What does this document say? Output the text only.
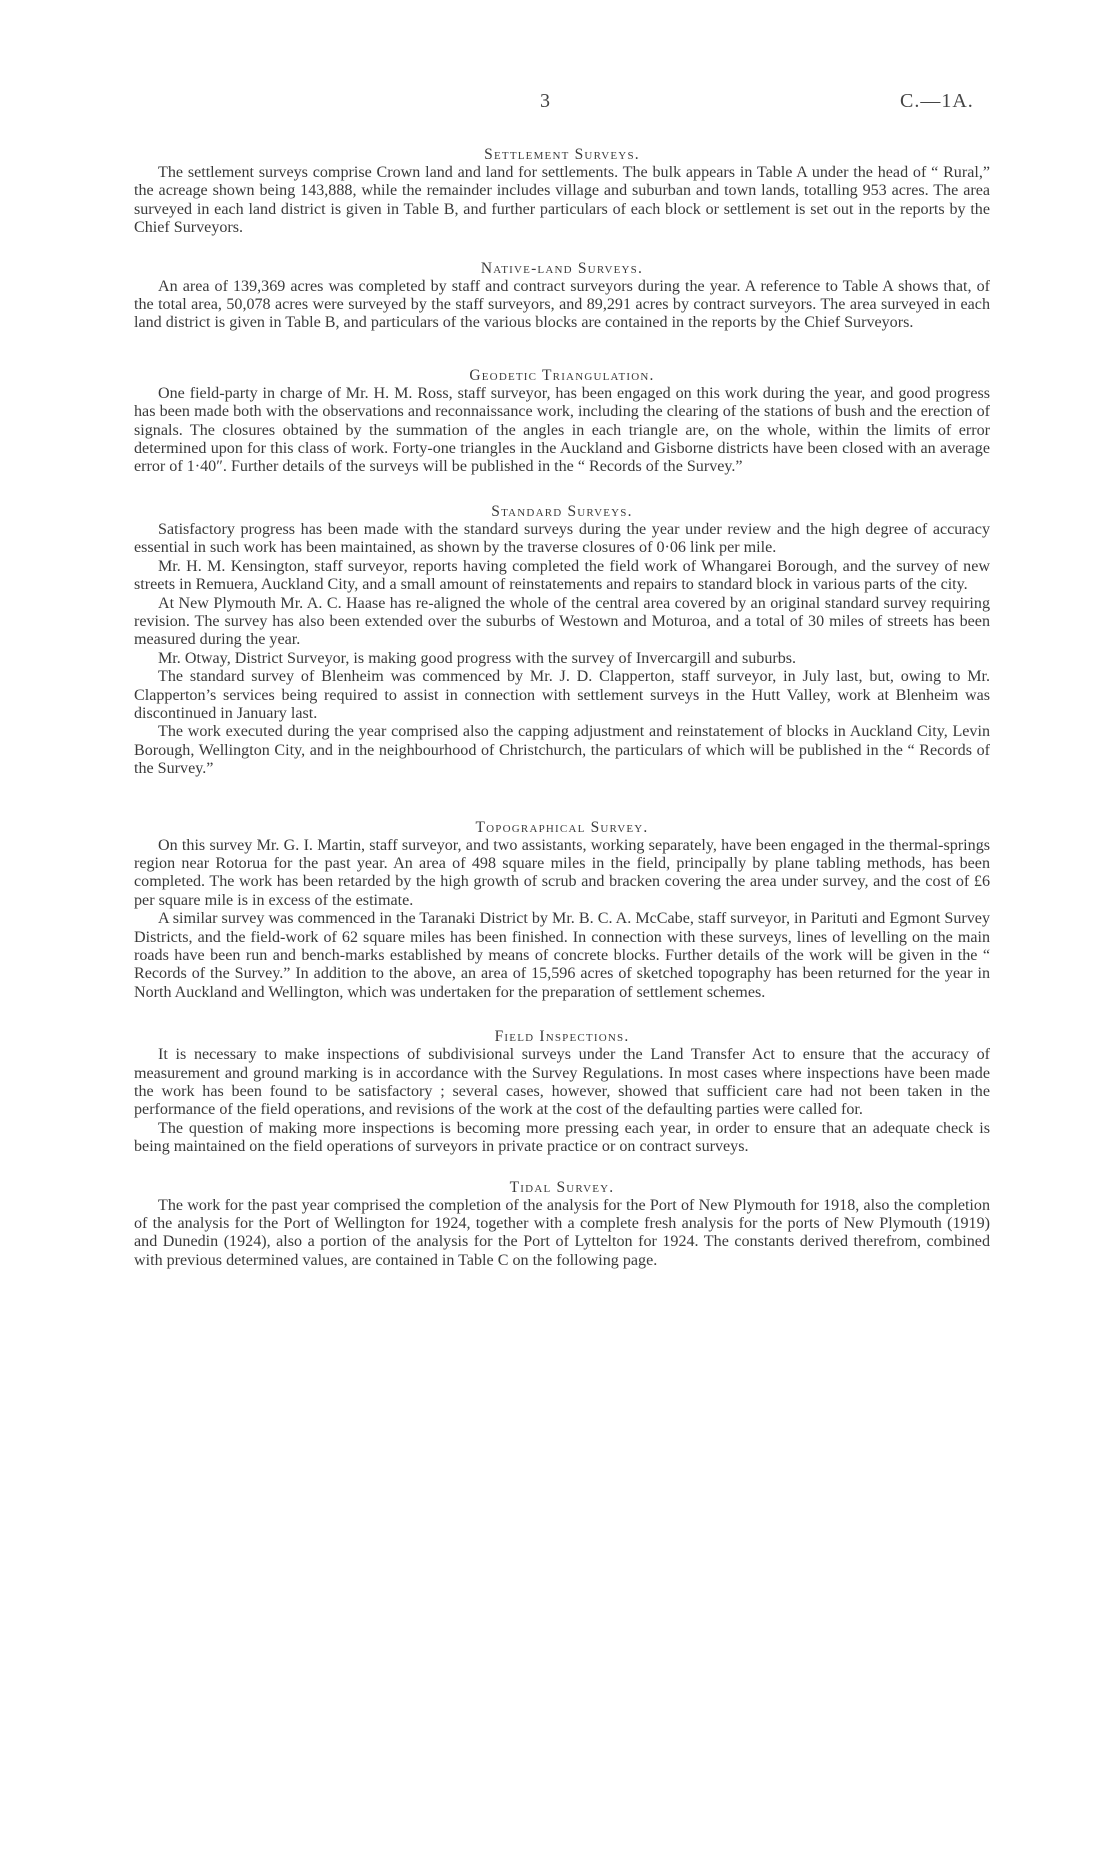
3	C.—1A.
Settlement Surveys.

The settlement surveys comprise Crown land and land for settlements. The bulk appears in Table A under the head of “ Rural,” the acreage shown being 143,888, while the remainder includes village and suburban and town lands, totalling 953 acres. The area surveyed in each land district is given in Table B, and further particulars of each block or settlement is set out in the reports by the Chief Surveyors.

Native-land Surveys.

An area of 139,369 acres was completed by staff and contract surveyors during the year. A reference to Table A shows that, of the total area, 50,078 acres were surveyed by the staff surveyors, and 89,291 acres by contract surveyors. The area surveyed in each land district is given in Table B, and particulars of the various blocks are contained in the reports by the Chief Surveyors.

Geodetic Triangulation.

One field-party in charge of Mr. H. M. Ross, staff surveyor, has been engaged on this work during the year, and good progress has been made both with the observations and reconnaissance work, including the clearing of the stations of bush and the erection of signals. The closures obtained by the summation of the angles in each triangle are, on the whole, within the limits of error determined upon for this class of work. Forty-one triangles in the Auckland and Gisborne districts have been closed with an average error of 1·40″. Further details of the surveys will be published in the “ Records of the Survey.”

Standard Surveys.

Satisfactory progress has been made with the standard surveys during the year under review and the high degree of accuracy essential in such work has been maintained, as shown by the traverse closures of 0·06 link per mile.

Mr. H. M. Kensington, staff surveyor, reports having completed the field work of Whangarei Borough, and the survey of new streets in Remuera, Auckland City, and a small amount of reinstatements and repairs to standard block in various parts of the city.

At New Plymouth Mr. A. C. Haase has re-aligned the whole of the central area covered by an original standard survey requiring revision. The survey has also been extended over the suburbs of Westown and Moturoa, and a total of 30 miles of streets has been measured during the year.

Mr. Otway, District Surveyor, is making good progress with the survey of Invercargill and suburbs.

The standard survey of Blenheim was commenced by Mr. J. D. Clapperton, staff surveyor, in July last, but, owing to Mr. Clapperton’s services being required to assist in connection with settlement surveys in the Hutt Valley, work at Blenheim was discontinued in January last.

The work executed during the year comprised also the capping adjustment and reinstatement of blocks in Auckland City, Levin Borough, Wellington City, and in the neighbourhood of Christchurch, the particulars of which will be published in the “ Records of the Survey.”

Topographical Survey.

On this survey Mr. G. I. Martin, staff surveyor, and two assistants, working separately, have been engaged in the thermal-springs region near Rotorua for the past year. An area of 498 square miles in the field, principally by plane tabling methods, has been completed. The work has been retarded by the high growth of scrub and bracken covering the area under survey, and the cost of £6 per square mile is in excess of the estimate.

A similar survey was commenced in the Taranaki District by Mr. B. C. A. McCabe, staff surveyor, in Parituti and Egmont Survey Districts, and the field-work of 62 square miles has been finished. In connection with these surveys, lines of levelling on the main roads have been run and bench-marks established by means of concrete blocks. Further details of the work will be given in the “ Records of the Survey.” In addition to the above, an area of 15,596 acres of sketched topography has been returned for the year in North Auckland and Wellington, which was undertaken for the preparation of settlement schemes.

Field Inspections.

It is necessary to make inspections of subdivisional surveys under the Land Transfer Act to ensure that the accuracy of measurement and ground marking is in accordance with the Survey Regulations. In most cases where inspections have been made the work has been found to be satisfactory ; several cases, however, showed that sufficient care had not been taken in the performance of the field operations, and revisions of the work at the cost of the defaulting parties were called for.

The question of making more inspections is becoming more pressing each year, in order to ensure that an adequate check is being maintained on the field operations of surveyors in private practice or on contract surveys.

Tidal Survey.

The work for the past year comprised the completion of the analysis for the Port of New Plymouth for 1918, also the completion of the analysis for the Port of Wellington for 1924, together with a complete fresh analysis for the ports of New Plymouth (1919) and Dunedin (1924), also a portion of the analysis for the Port of Lyttelton for 1924. The constants derived therefrom, combined with previous determined values, are contained in Table C on the following page.
